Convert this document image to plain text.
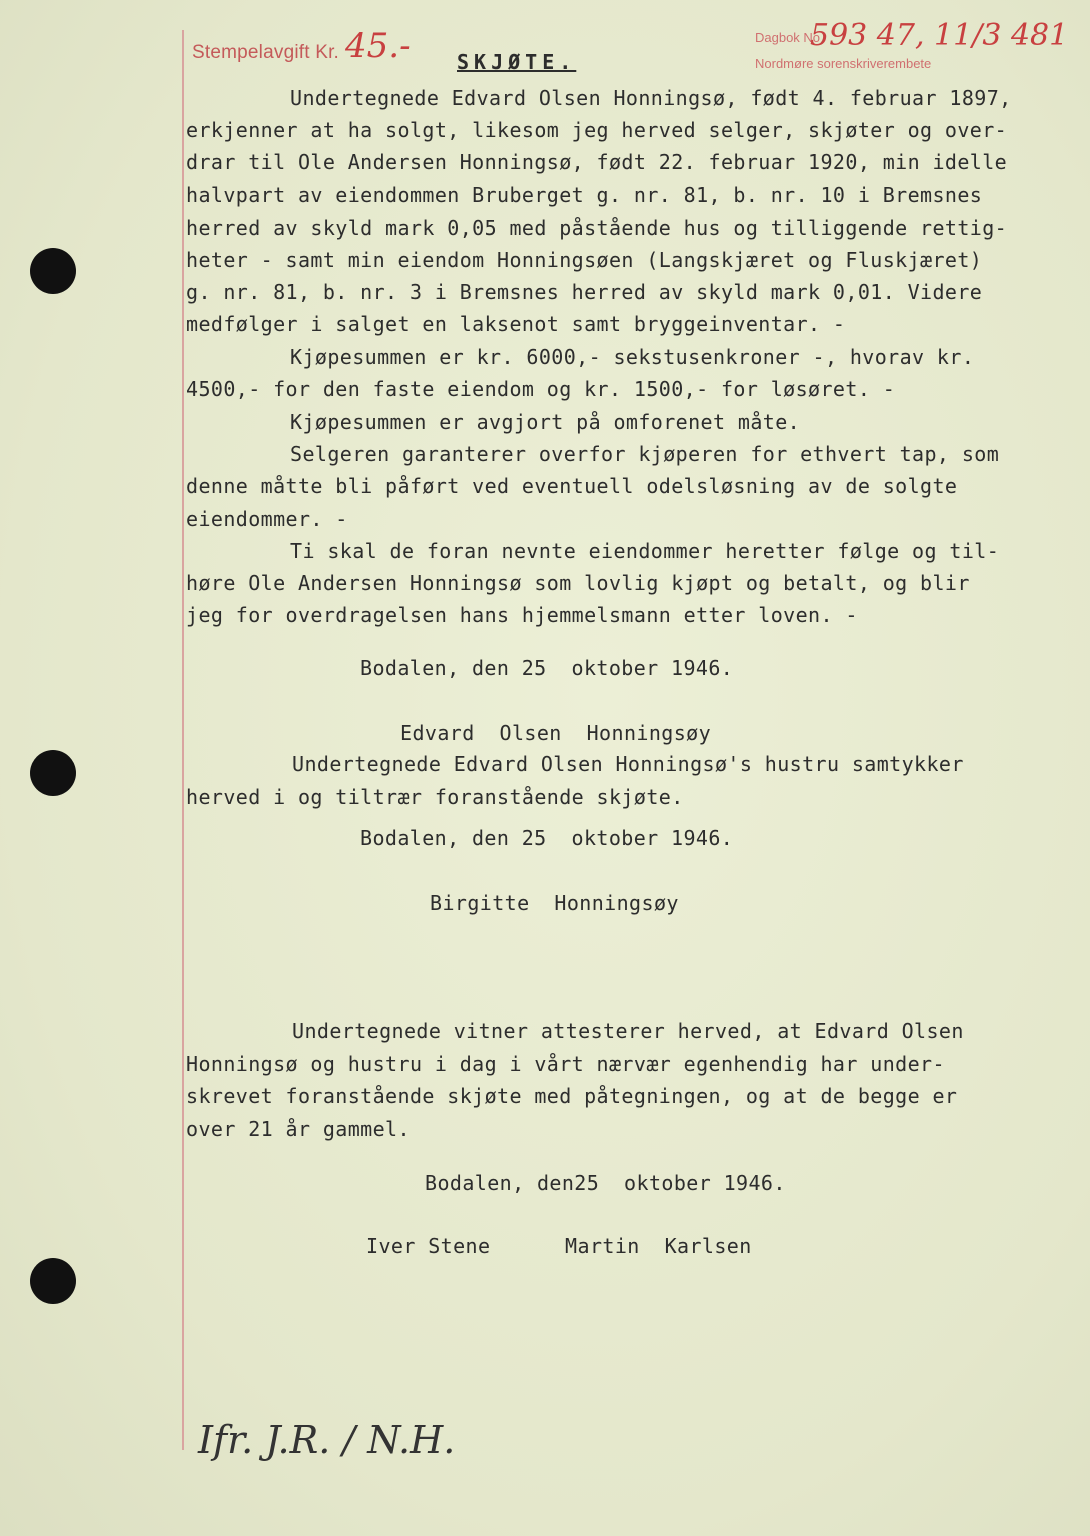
Stempelavgift Kr. 45.- SKJØTE.
Dagbok No
593 47, 11/3 481
Nordmøre sorenskriverembete
Undertegnede Edvard Olsen Honningsø, født 4. februar 1897,
erkjenner at ha solgt, likesom jeg herved selger, skjøter og over-
drar til Ole Andersen Honningsø, født 22. februar 1920, min idelle
halvpart av eiendommen Bruberget g. nr. 81, b. nr. 10 i Bremsnes
herred av skyld mark 0,05 med påstående hus og tilliggende rettig-
heter - samt min eiendom Honningsøen (Langskjæret og Fluskjæret)
g. nr. 81, b. nr. 3 i Bremsnes herred av skyld mark 0,01. Videre
medfølger i salget en laksenot samt bryggeinventar. -
Kjøpesummen er kr. 6000,- sekstusenkroner -, hvorav kr.
4500,- for den faste eiendom og kr. 1500,- for løsøret. -
Kjøpesummen er avgjort på omforenet måte.
Selgeren garanterer overfor kjøperen for ethvert tap, som
denne måtte bli påført ved eventuell odelsløsning av de solgte
eiendommer. -
Ti skal de foran nevnte eiendommer heretter følge og til-
høre Ole Andersen Honningsø som lovlig kjøpt og betalt, og blir
jeg for overdragelsen hans hjemmelsmann etter loven. -
Bodalen, den 25  oktober 1946.
Edvard  Olsen  Honningsøy
Undertegnede Edvard Olsen Honningsø's hustru samtykker
herved i og tiltrær foranstående skjøte.
Bodalen, den 25  oktober 1946.
Birgitte  Honningsøy
Undertegnede vitner attesterer herved, at Edvard Olsen
Honningsø og hustru i dag i vårt nærvær egenhendig har under-
skrevet foranstående skjøte med påtegningen, og at de begge er
over 21 år gammel.
Bodalen, den25  oktober 1946.
Iver Stene      Martin  Karlsen
Ifr. J.R. / N.H.
